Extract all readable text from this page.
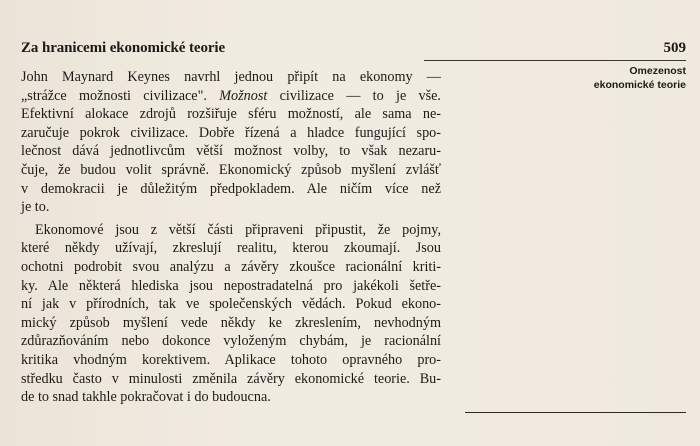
Za hranicemi ekonomické teorie	509
Omezenost
ekonomické teorie
John Maynard Keynes navrhl jednou připít na ekonomy —
„strážce možnosti civilizace". Možnost civilizace — to je vše.
Efektivní alokace zdrojů rozšiřuje sféru možností, ale sama ne-
zaručuje pokrok civilizace. Dobře řízená a hladce fungující spo-
lečnost dává jednotlivcům větší možnost volby, to však nezaru-
čuje, že budou volit správně. Ekonomický způsob myšlení zvlášť
v demokracii je důležitým předpokladem. Ale ničím více než
je to.
Ekonomové jsou z větší části připraveni připustit, že pojmy,
které někdy užívají, zkreslují realitu, kterou zkoumají. Jsou
ochotni podrobit svou analýzu a závěry zkoušce racionální kriti-
ky. Ale některá hlediska jsou nepostradatelná pro jakékoli šetře-
ní jak v přírodních, tak ve společenských vědách. Pokud ekono-
mický způsob myšlení vede někdy ke zkreslením, nevhodným
zdůrazňováním nebo dokonce vyloženým chybám, je racionální
kritika vhodným korektivem. Aplikace tohoto opravného pro-
středku často v minulosti změnila závěry ekonomické teorie. Bu-
de to snad takhle pokračovat i do budoucna.
